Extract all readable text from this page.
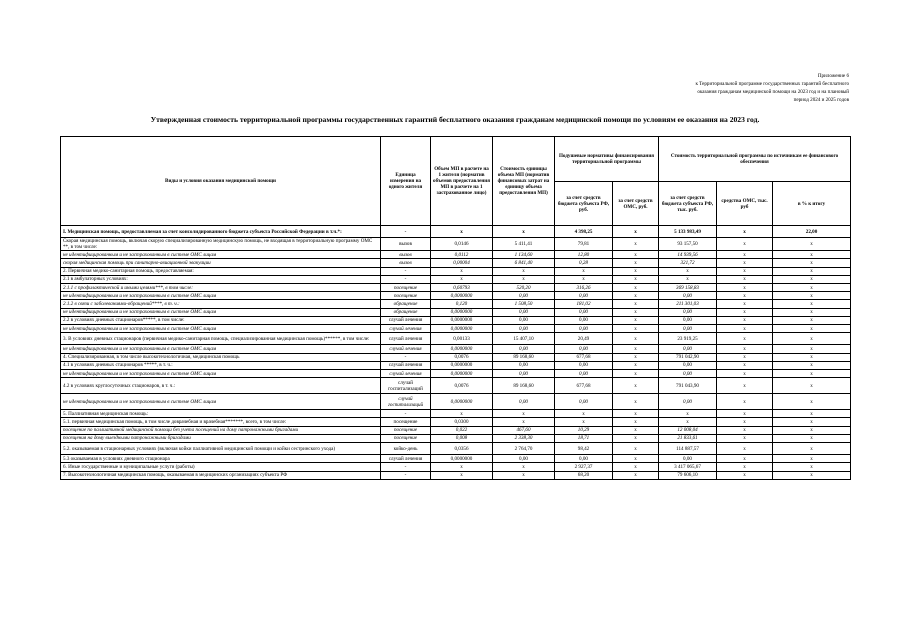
Приложение 6
к Территориальной программе государственных гарантий бесплатного
оказания гражданам медицинской помощи на 2023 год и на плановый
период 2024 и 2025 годов
Утвержденная стоимость территориальной программы государственных гарантий бесплатного оказания гражданам медицинской помощи по условиям ее оказания на 2023 год.
Виды и условия оказания медицинской помощи	Единица измерения на одного жителя	Объем МП в расчете на 1 жителя (норматив объемов предоставления МП в расчете на 1 застрахованное лицо)	Стоимость единицы объема МП (норматив финансовых затрат на единицу объема предоставления МП)	Подушевые нормативы финансирования территориальной программы		Стоимость территориальной программы по источникам ее финансового обеспечения		
				за счет средств бюджета субъекта РФ, руб.	за счет средств ОМС, руб.	за счет средств бюджета субъекта РФ, тыс. руб.	средства ОМС, тыс. руб	в % к итогу
I. Медицинская помощь, предоставляемая за счет консолидированного бюджета субъекта Российской Федерации в т.ч.*:	-	х	х	4 398,25	х	5 133 983,49	х	22,00
Скорая медицинская помощь, включая скорую специализированную медицинскую помощь, не входящая в территориальную программу ОМС **, в том числе:	вызов	0,0146	5 411,41	79,81	х	93 157,50	х	х
не идентифицированным и не застрахованным в системе ОМС лицам	вызов	0,0112	1 134,60	12,80	х	14 939,56	х	х
скорая медицинская помощь при санитарно-авиационной эвакуации	вызов	0,00004	6 841,40	0,28	х	321,72	х	х
2. Первичная медико-санитарная помощь, предоставляемая:	-	х	х	х	х	х	х	х
2.1 в амбулаторных условиях:	-	х	х	х	х	х	х	х
2.1.1 с профилактической и иными целями***, в том числе:	посещение	0,60793	520,20	316,26	х	369 158,83	х	х
не идентифицированным и не застрахованным в системе ОМС лицам	посещение	0,0000000	0,00	0,00	х	0,00	х	х
2.1.2 в связи с заболеваниями-обращений****, в т. ч.:	обращение	0,120	1 508,50	181,02	х	211 301,03	х	х
не идентифицированным и не застрахованным в системе ОМС лицам	обращение	0,0000000	0,00	0,00	х	0,00	х	х
2.2 в условиях дневных стационаров*****, в том числе:	случай лечения	0,0000000	0,00	0,00	х	0,00	х	х
не идентифицированным и не застрахованным в системе ОМС лицам	случай лечения	0,0000000	0,00	0,00	х	0,00	х	х
3. В условиях дневных стационаров (первичная медико-санитарная помощь, специализированная медицинская помощь)******, в том числе:	случай лечения	0,00133	15 407,10	20,49	х	23 919,25	х	х
не идентифицированным и не застрахованным в системе ОМС лицам	случай лечения	0,0000000	0,00	0,00	х	0,00	х	х
4. Специализированная, в том числе высокотехнологичная, медицинская помощь	-	0,0076	89 168,60	677,68	х	791 042,90	х	х
4.1 в условиях дневных стационаров *****, в т. ч.:	случай лечения	0,0000000	0,00	0,00	х	0,00	х	х
не идентифицированным и не застрахованным в системе ОМС лицам	случай лечения	0,0000000	0,00	0,00	х	0,00	х	х
4.2 в условиях круглосуточных стационаров, в т. ч.:	случай госпитализаций	0,0076	89 168,60	677,68	х	791 043,90	х	х
не идентифицированным и не застрахованным в системе ОМС лицам	случай госпитализаций	0,0000000	0,00	0,00	х	0,00	х	х
5. Паллиативная медицинская помощь:	-	х	х	х	х	х	х	х
5.1. первичная медицинская помощь, в том числе доврачебная и врачебная*******, всего, в том числе:	посещение	0,0300	х	х	х	х	х	х
посещение по паллиативной медицинской помощи без учета посещений на дому патронажными бригадами	посещение	0,022	467,60	10,29	х	12 008,04	х	х
посещения на дому выездными патронажными бригадами	посещение	0,008	2 338,30	18,71	х	21 833,61	х	х
5.2. оказываемая в стационарных условиях (включая койки паллиативной медицинской помощи и койки сестринского ухода)	койко-день	0,0356	2 764,70	98,42	х	114 887,57	х	х
5.3 оказываемая в условиях дневного стационара	случай лечения	0,0000000	0,00	0,00	х	0,00	х	х
6. Иные государственные и муниципальные услуги (работы)	-	х	х	2 927,37	х	3 417 065,67	х	х
7. Высокотехнологичная медицинская помощь, оказываемая в медицинских организациях субъекта РФ	-	х	х	68,20	х	79 606,10	х	х
